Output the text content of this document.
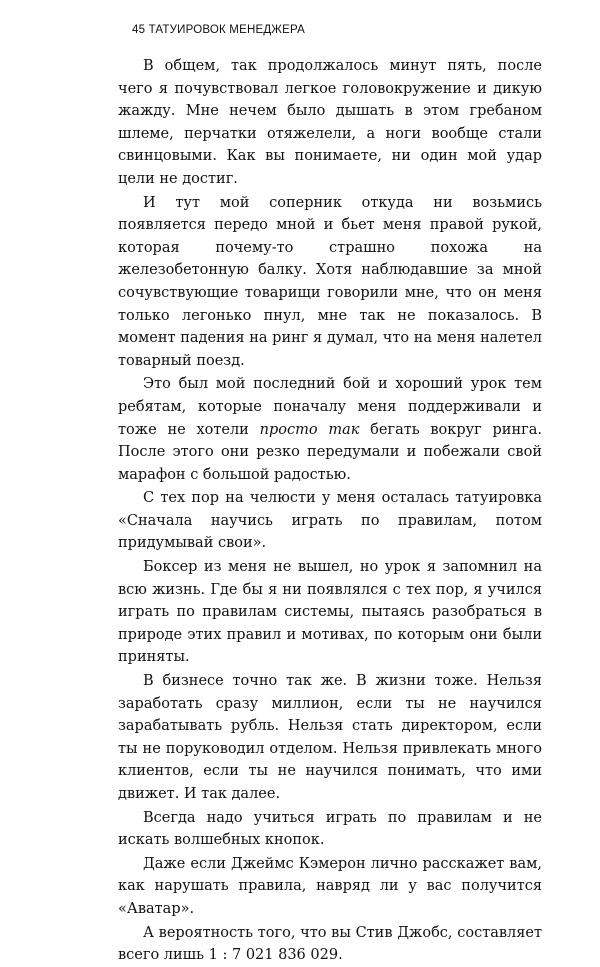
45 ТАТУИРОВОК МЕНЕДЖЕРА

В общем, так продолжалось минут пять, после чего я почувствовал легкое головокружение и дикую жажду. Мне нечем было дышать в этом гребаном шлеме, перчатки отяжелели, а ноги вообще стали свинцовыми. Как вы понимаете, ни один мой удар цели не достиг.

И тут мой соперник откуда ни возьмись появляется передо мной и бьет меня правой рукой, которая почему-то страшно похожа на железобетонную балку. Хотя наблюдавшие за мной сочувствующие товарищи говорили мне, что он меня только легонько пнул, мне так не показалось. В момент падения на ринг я думал, что на меня налетел товарный поезд.

Это был мой последний бой и хороший урок тем ребятам, которые поначалу меня поддерживали и тоже не хотели просто так бегать вокруг ринга. После этого они резко передумали и побежали свой марафон с большой радостью.

С тех пор на челюсти у меня осталась татуировка «Сначала научись играть по правилам, потом придумывай свои».

Боксер из меня не вышел, но урок я запомнил на всю жизнь. Где бы я ни появлялся с тех пор, я учился играть по правилам системы, пытаясь разобраться в природе этих правил и мотивах, по которым они были приняты.

В бизнесе точно так же. В жизни тоже. Нельзя заработать сразу миллион, если ты не научился зарабатывать рубль. Нельзя стать директором, если ты не поруководил отделом. Нельзя привлекать много клиентов, если ты не научился понимать, что ими движет. И так далее.

Всегда надо учиться играть по правилам и не искать волшебных кнопок.

Даже если Джеймс Кэмерон лично расскажет вам, как нарушать правила, навряд ли у вас получится «Аватар».

А вероятность того, что вы Стив Джобс, составляет всего лишь 1 : 7 021 836 029.
